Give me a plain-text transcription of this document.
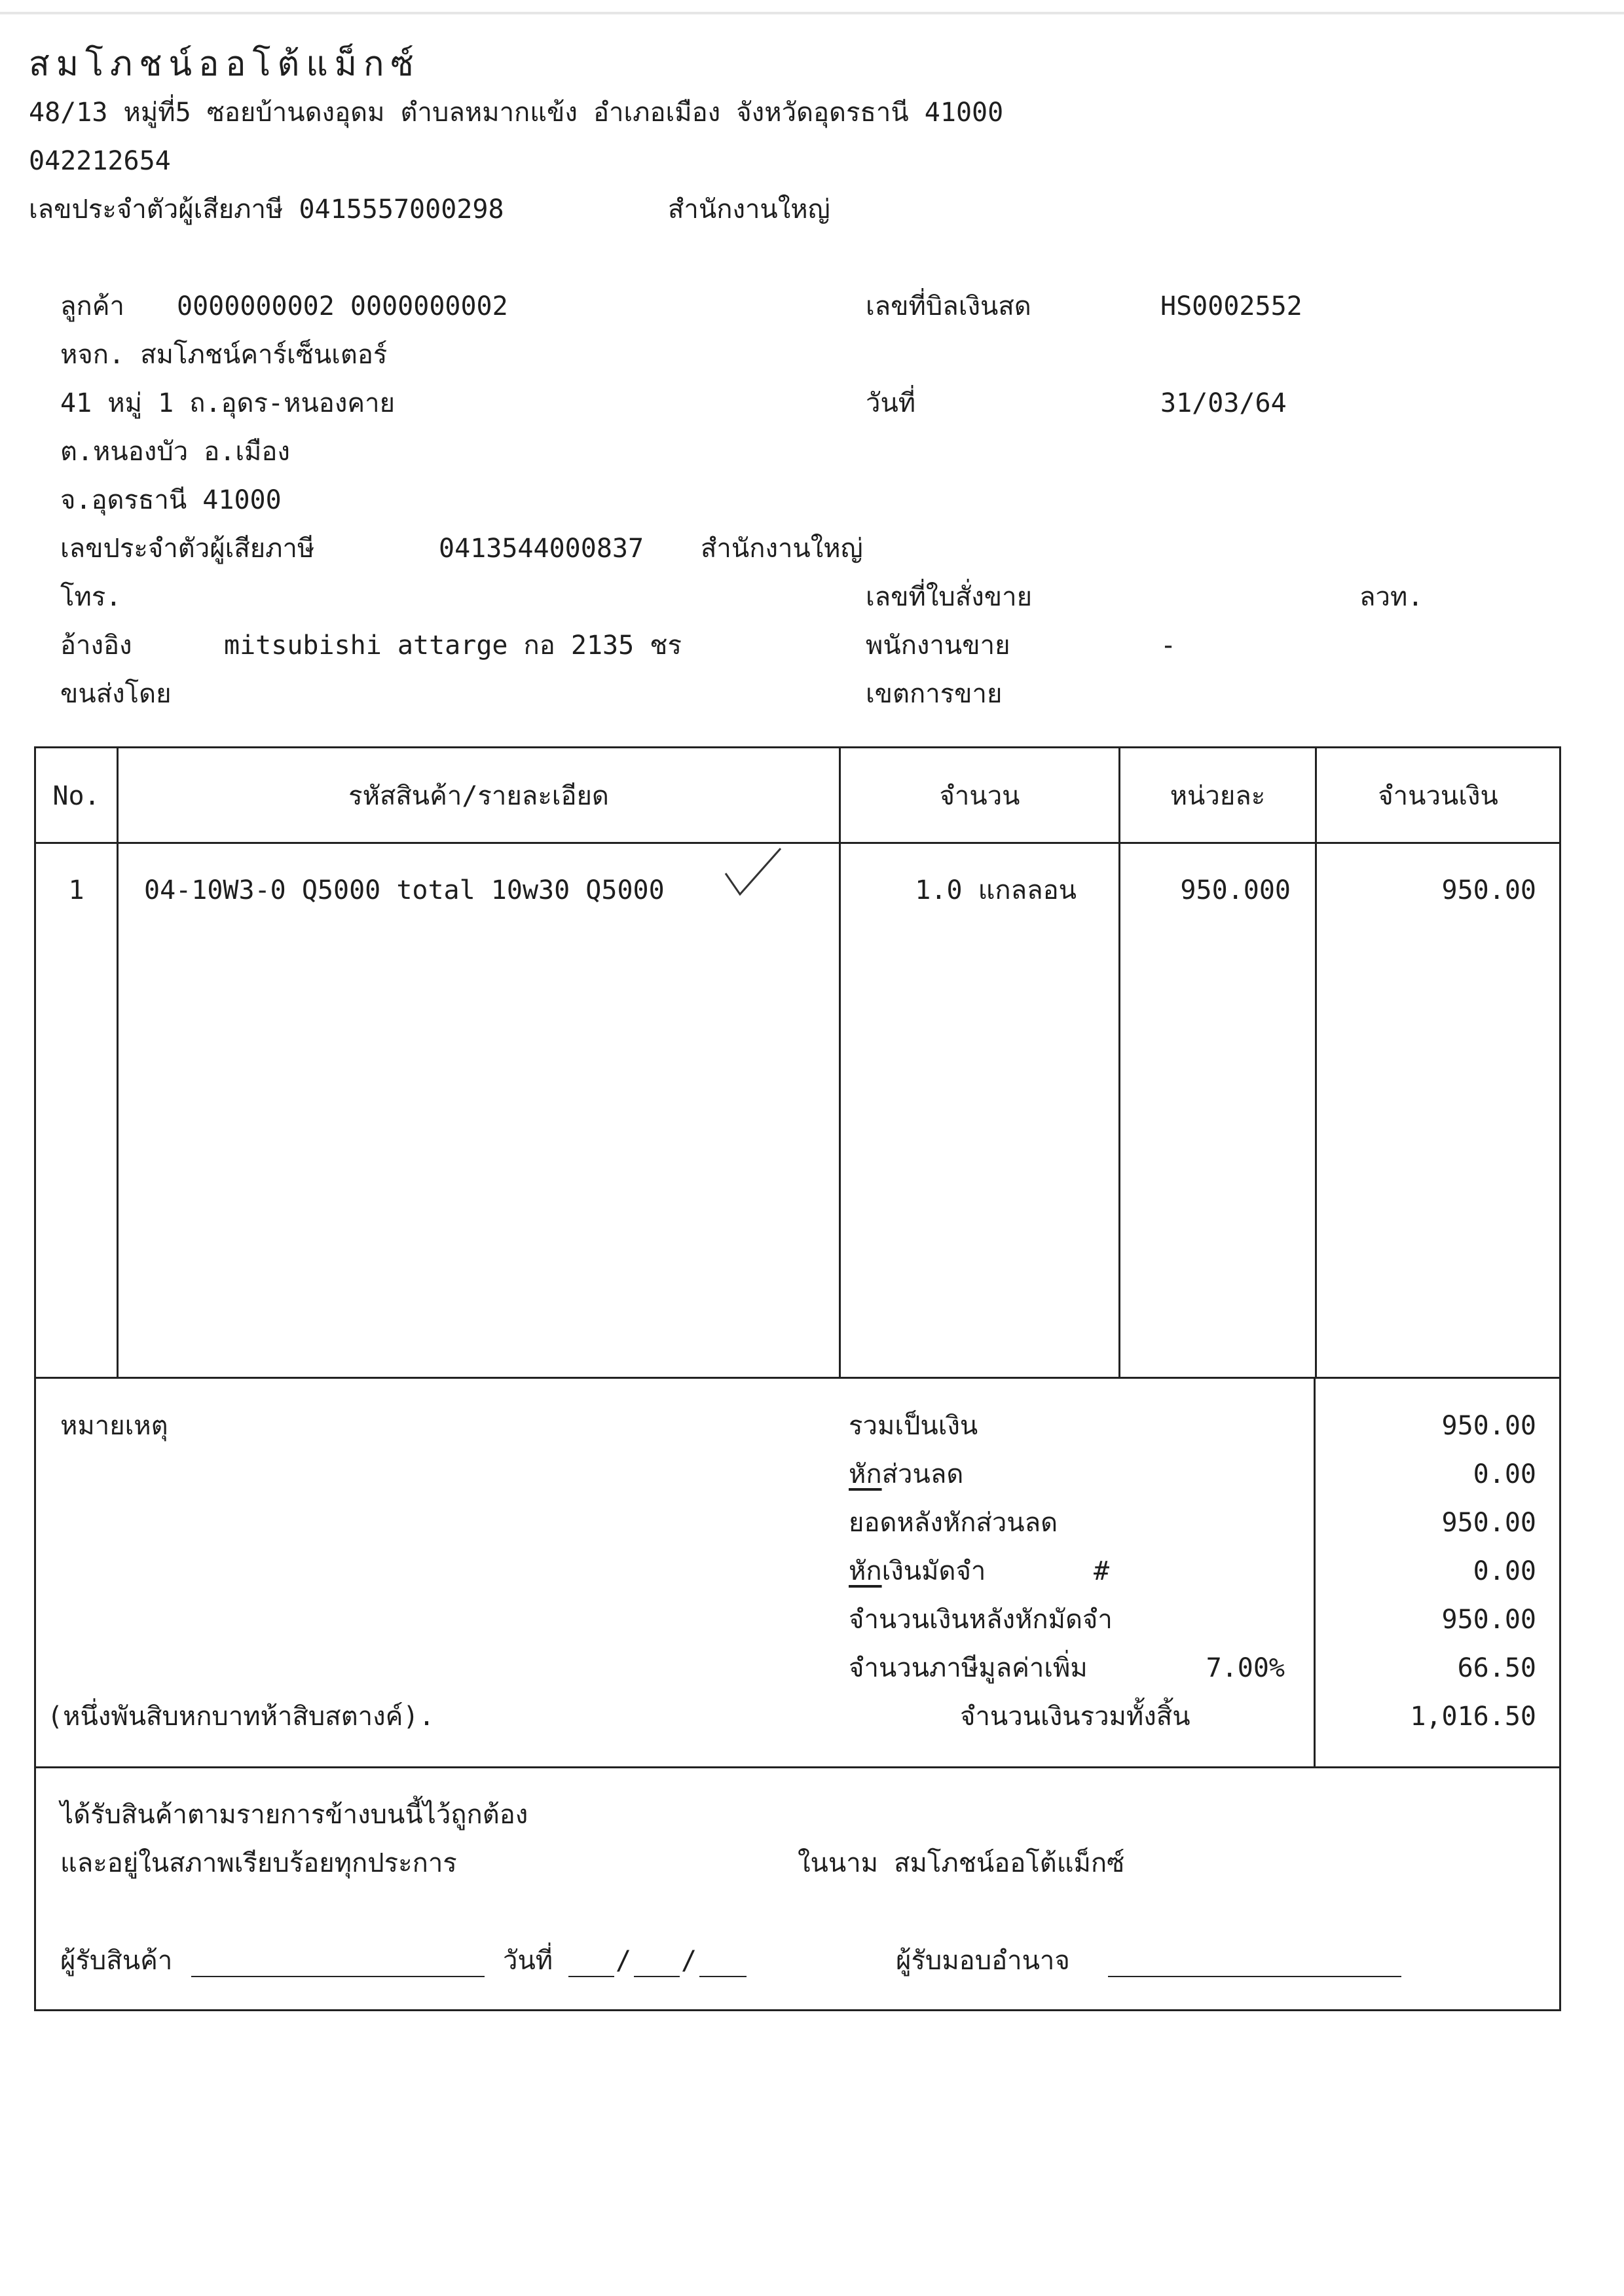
สมโภชน์ออโต้แม็กซ์
48/13 หมู่ที่5 ซอยบ้านดงอุดม ตำบลหมากแข้ง อำเภอเมือง จังหวัดอุดรธานี 41000
042212654
เลขประจำตัวผู้เสียภาษี 0415557000298	สำนักงานใหญ่
ลูกค้า 0000000002 0000000002
หจก. สมโภชน์คาร์เซ็นเตอร์
41 หมู่ 1 ถ.อุดร-หนองคาย
ต.หนองบัว อ.เมือง
จ.อุดรธานี 41000
เลขประจำตัวผู้เสียภาษี	0413544000837 สำนักงานใหญ่
โทร.
อ้างอิง	mitsubishi attarge กอ 2135 ชร
ขนส่งโดย
เลขที่บิลเงินสด	HS0002552
วันที่	31/03/64
เลขที่ใบสั่งขาย	ลวท.
พนักงานขาย	-
เขตการขาย
No.	รหัสสินค้า/รายละเอียด	จำนวน	หน่วยละ	จำนวนเงิน
1	04-10W3-0 Q5000 total 10w30 Q5000	1.0 แกลลอน	950.000	950.00
หมายเหตุ	รวมเป็นเงิน	950.00
หักส่วนลด	0.00
ยอดหลังหักส่วนลด	950.00
หักเงินมัดจำ	#	0.00
จำนวนเงินหลังหักมัดจำ	950.00
จำนวนภาษีมูลค่าเพิ่ม	7.00%	66.50
(หนึ่งพันสิบหกบาทห้าสิบสตางค์).	จำนวนเงินรวมทั้งสิ้น	1,016.50
ได้รับสินค้าตามรายการข้างบนนี้ไว้ถูกต้อง
และอยู่ในสภาพเรียบร้อยทุกประการ	ในนาม สมโภชน์ออโต้แม็กซ์
ผู้รับสินค้า	วันที่ / /	ผู้รับมอบอำนาจ
